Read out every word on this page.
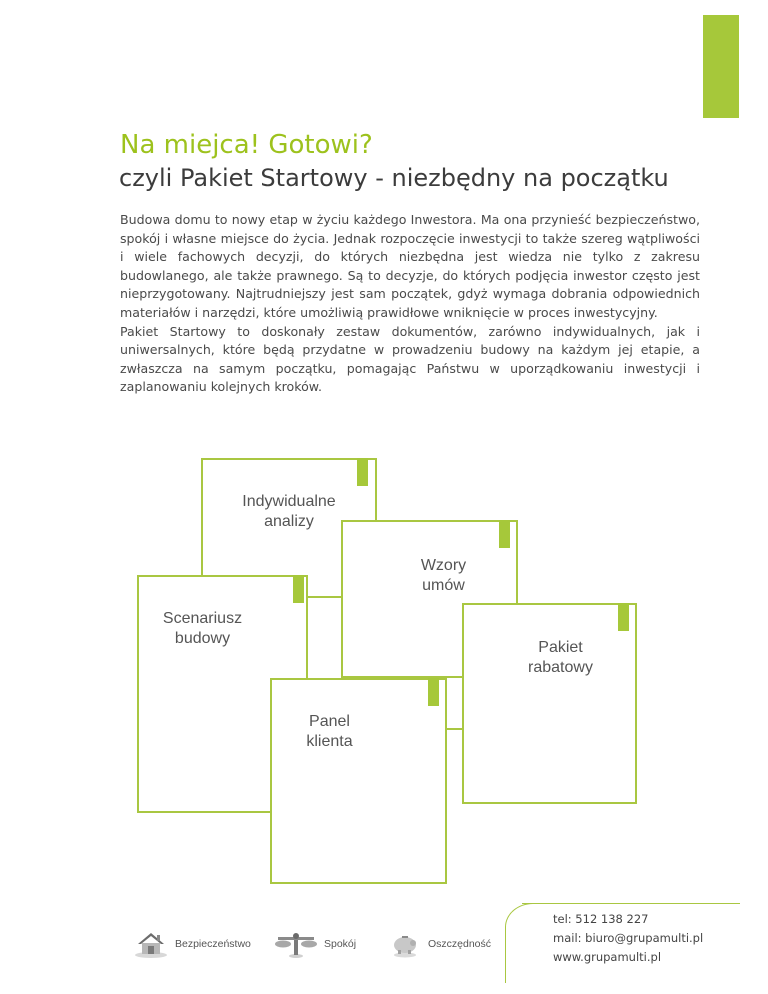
Na miejca! Gotowi?
czyli Pakiet Startowy - niezbędny na początku

Budowa domu to nowy etap w życiu każdego Inwestora. Ma ona przynieść bezpieczeństwo, spokój i własne miejsce do życia. Jednak rozpoczęcie inwestycji to także szereg wątpliwości i wiele fachowych decyzji, do których niezbędna jest wiedza nie tylko z zakresu budowlanego, ale także prawnego. Są to decyzje, do których podjęcia inwestor często jest nieprzygotowany. Najtrudniejszy jest sam początek, gdyż wymaga dobrania odpowiednich materiałów i narzędzi, które umożliwią prawidłowe wniknięcie w proces inwestycyjny.

Pakiet Startowy to doskonały zestaw dokumentów, zarówno indywidualnych, jak i uniwersalnych, które będą przydatne w prowadzeniu budowy na każdym jej etapie, a zwłaszcza na samym początku, pomagając Państwu w uporządkowaniu inwestycji i zaplanowaniu kolejnych kroków.

Indywidualne
analizy
Wzory
umów
Scenariusz
budowy
Pakiet
rabatowy
Panel
klienta
Bezpieczeństwo	Spokój	Oszczędność
tel: 512 138 227
mail: biuro@grupamulti.pl
www.grupamulti.pl
